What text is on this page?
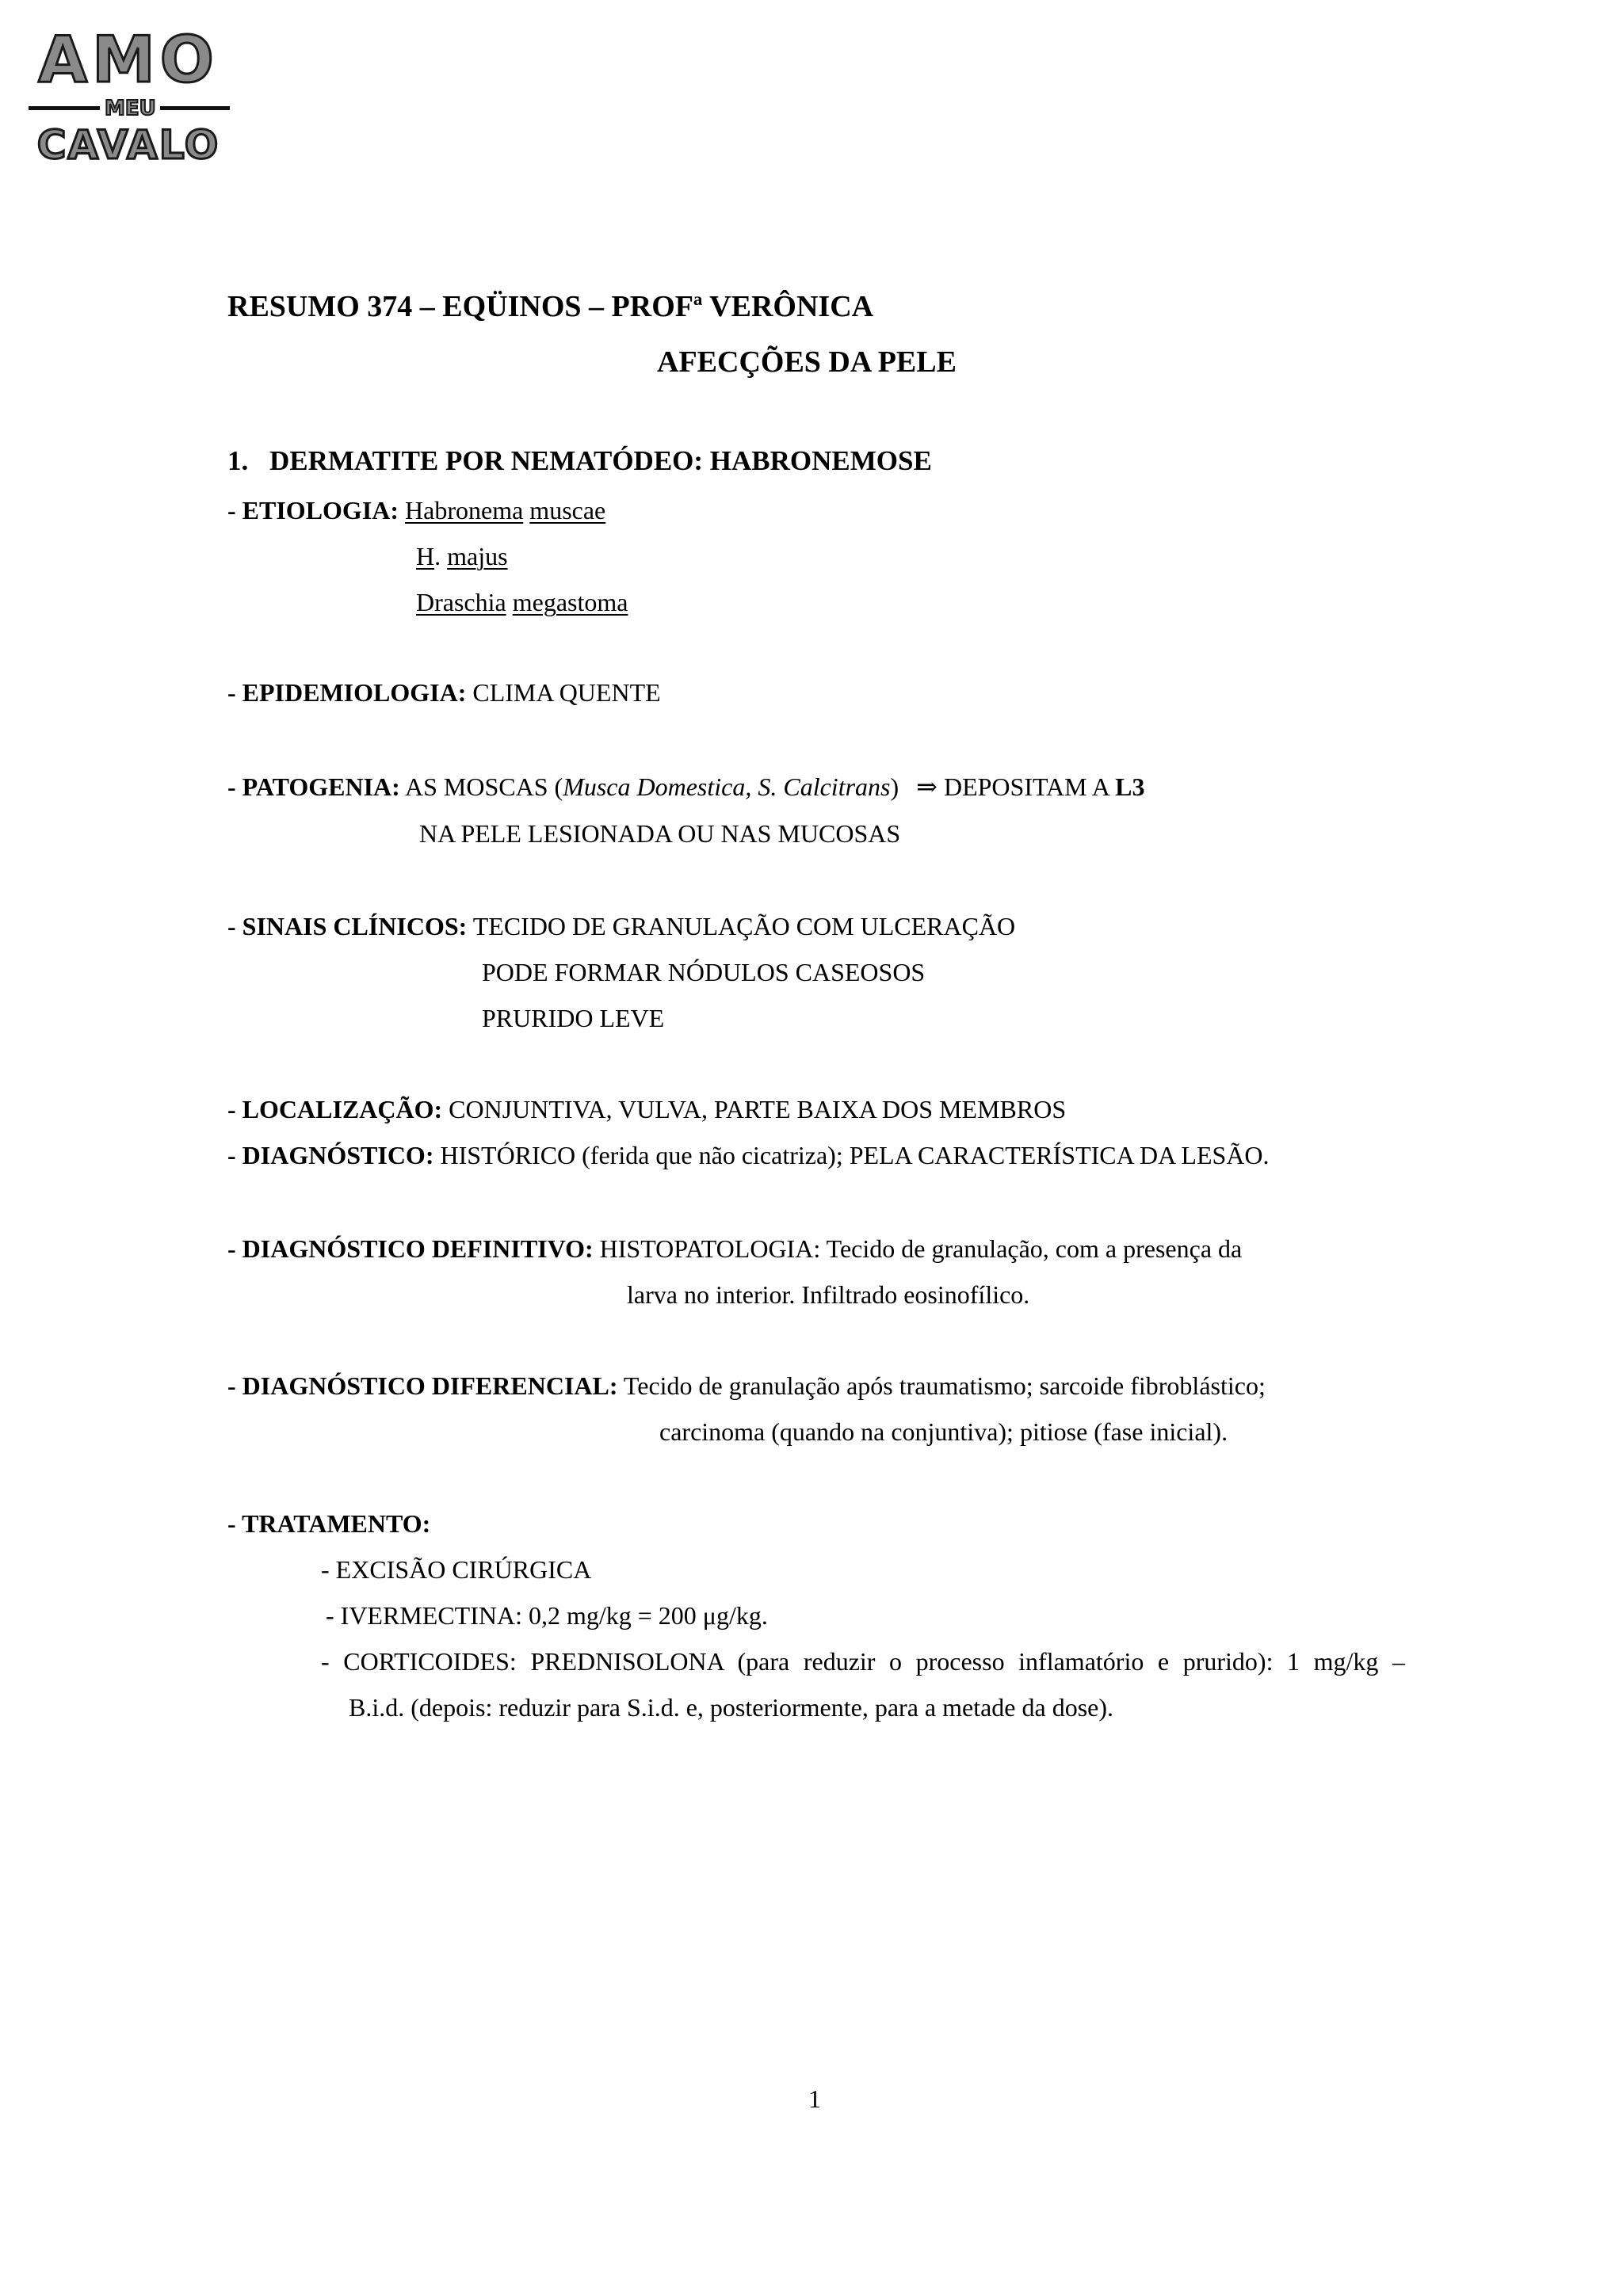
AMO
MEU
CAVALO
RESUMO 374 – EQÜINOS – PROFª VERÔNICA
AFECÇÕES DA PELE
1. DERMATITE POR NEMATÓDEO: HABRONEMOSE
- ETIOLOGIA: Habronema muscae
H. majus
Draschia megastoma
- EPIDEMIOLOGIA: CLIMA QUENTE
- PATOGENIA: AS MOSCAS (Musca Domestica, S. Calcitrans) ⇒ DEPOSITAM A L3
NA PELE LESIONADA OU NAS MUCOSAS
- SINAIS CLÍNICOS: TECIDO DE GRANULAÇÃO COM ULCERAÇÃO
PODE FORMAR NÓDULOS CASEOSOS
PRURIDO LEVE
- LOCALIZAÇÃO: CONJUNTIVA, VULVA, PARTE BAIXA DOS MEMBROS
- DIAGNÓSTICO: HISTÓRICO (ferida que não cicatriza); PELA CARACTERÍSTICA DA LESÃO.
- DIAGNÓSTICO DEFINITIVO: HISTOPATOLOGIA: Tecido de granulação, com a presença da
larva no interior. Infiltrado eosinofílico.
- DIAGNÓSTICO DIFERENCIAL: Tecido de granulação após traumatismo; sarcoide fibroblástico;
carcinoma (quando na conjuntiva); pitiose (fase inicial).
- TRATAMENTO:
- EXCISÃO CIRÚRGICA
- IVERMECTINA: 0,2 mg/kg = 200 μg/kg.
- CORTICOIDES: PREDNISOLONA (para reduzir o processo inflamatório e prurido): 1 mg/kg –
B.i.d. (depois: reduzir para S.i.d. e, posteriormente, para a metade da dose).
1
